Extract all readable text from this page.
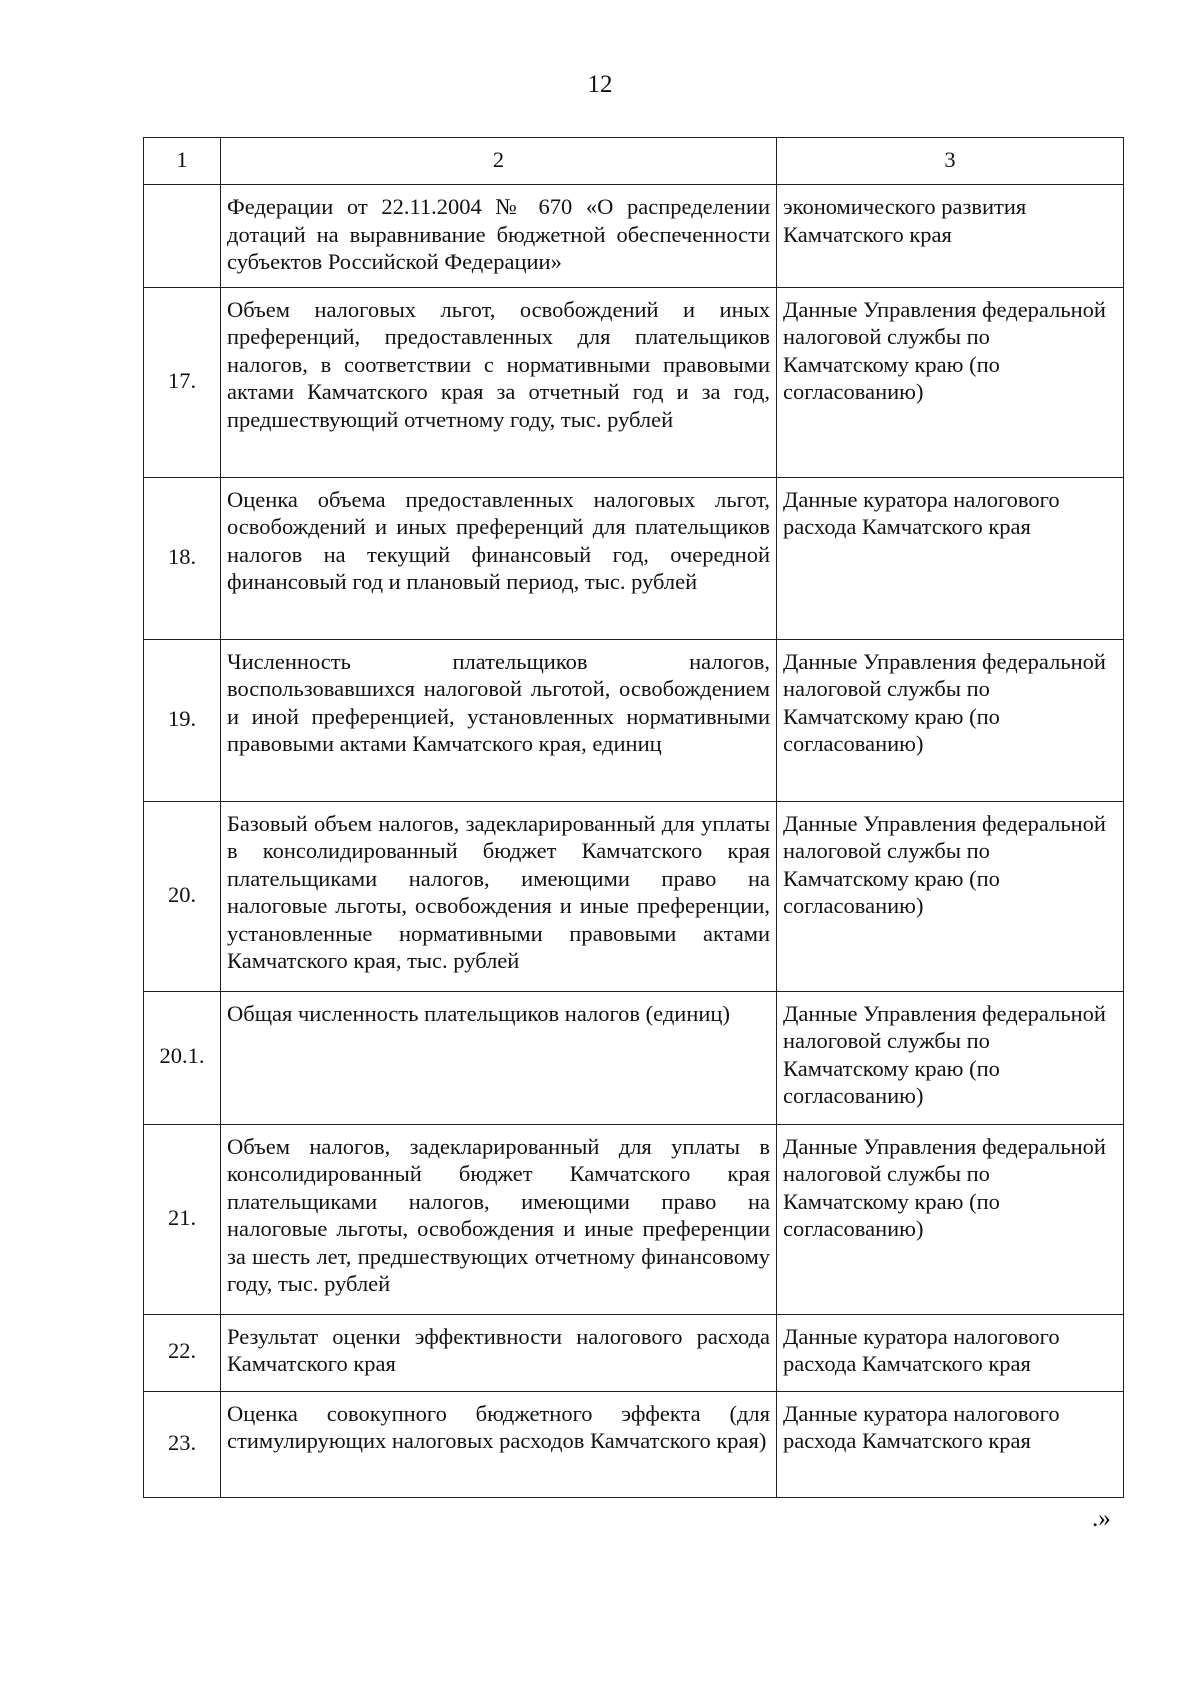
12
1	2	3
	Федерации от 22.11.2004 № 670 «О распределении дотаций на выравнивание бюджетной обеспеченности субъектов Российской Федерации»	экономического развития Камчатского края
17.	Объем налоговых льгот, освобождений и иных преференций, предоставленных для плательщиков налогов, в соответствии с нормативными правовыми актами Камчатского края за отчетный год и за год, предшествующий отчетному году, тыс. рублей	Данные Управления федеральной налоговой службы по Камчатскому краю (по согласованию)
18.	Оценка объема предоставленных налоговых льгот, освобождений и иных преференций для плательщиков налогов на текущий финансовый год, очередной финансовый год и плановый период, тыс. рублей	Данные куратора налогового расхода Камчатского края
19.	Численность плательщиков налогов, воспользовавшихся налоговой льготой, освобождением и иной преференцией, установленных нормативными правовыми актами Камчатского края, единиц	Данные Управления федеральной налоговой службы по Камчатскому краю (по согласованию)
20.	Базовый объем налогов, задекларированный для уплаты в консолидированный бюджет Камчатского края плательщиками налогов, имеющими право на налоговые льготы, освобождения и иные преференции, установленные нормативными правовыми актами Камчатского края, тыс. рублей	Данные Управления федеральной налоговой службы по Камчатскому краю (по согласованию)
20.1.	Общая численность плательщиков налогов (единиц)	Данные Управления федеральной налоговой службы по Камчатскому краю (по согласованию)
21.	Объем налогов, задекларированный для уплаты в консолидированный бюджет Камчатского края плательщиками налогов, имеющими право на налоговые льготы, освобождения и иные преференции за шесть лет, предшествующих отчетному финансовому году, тыс. рублей	Данные Управления федеральной налоговой службы по Камчатскому краю (по согласованию)
22.	Результат оценки эффективности налогового расхода Камчатского края	Данные куратора налогового расхода Камчатского края
23.	Оценка совокупного бюджетного эффекта (для стимулирующих налоговых расходов Камчатского края)	Данные куратора налогового расхода Камчатского края
.»
